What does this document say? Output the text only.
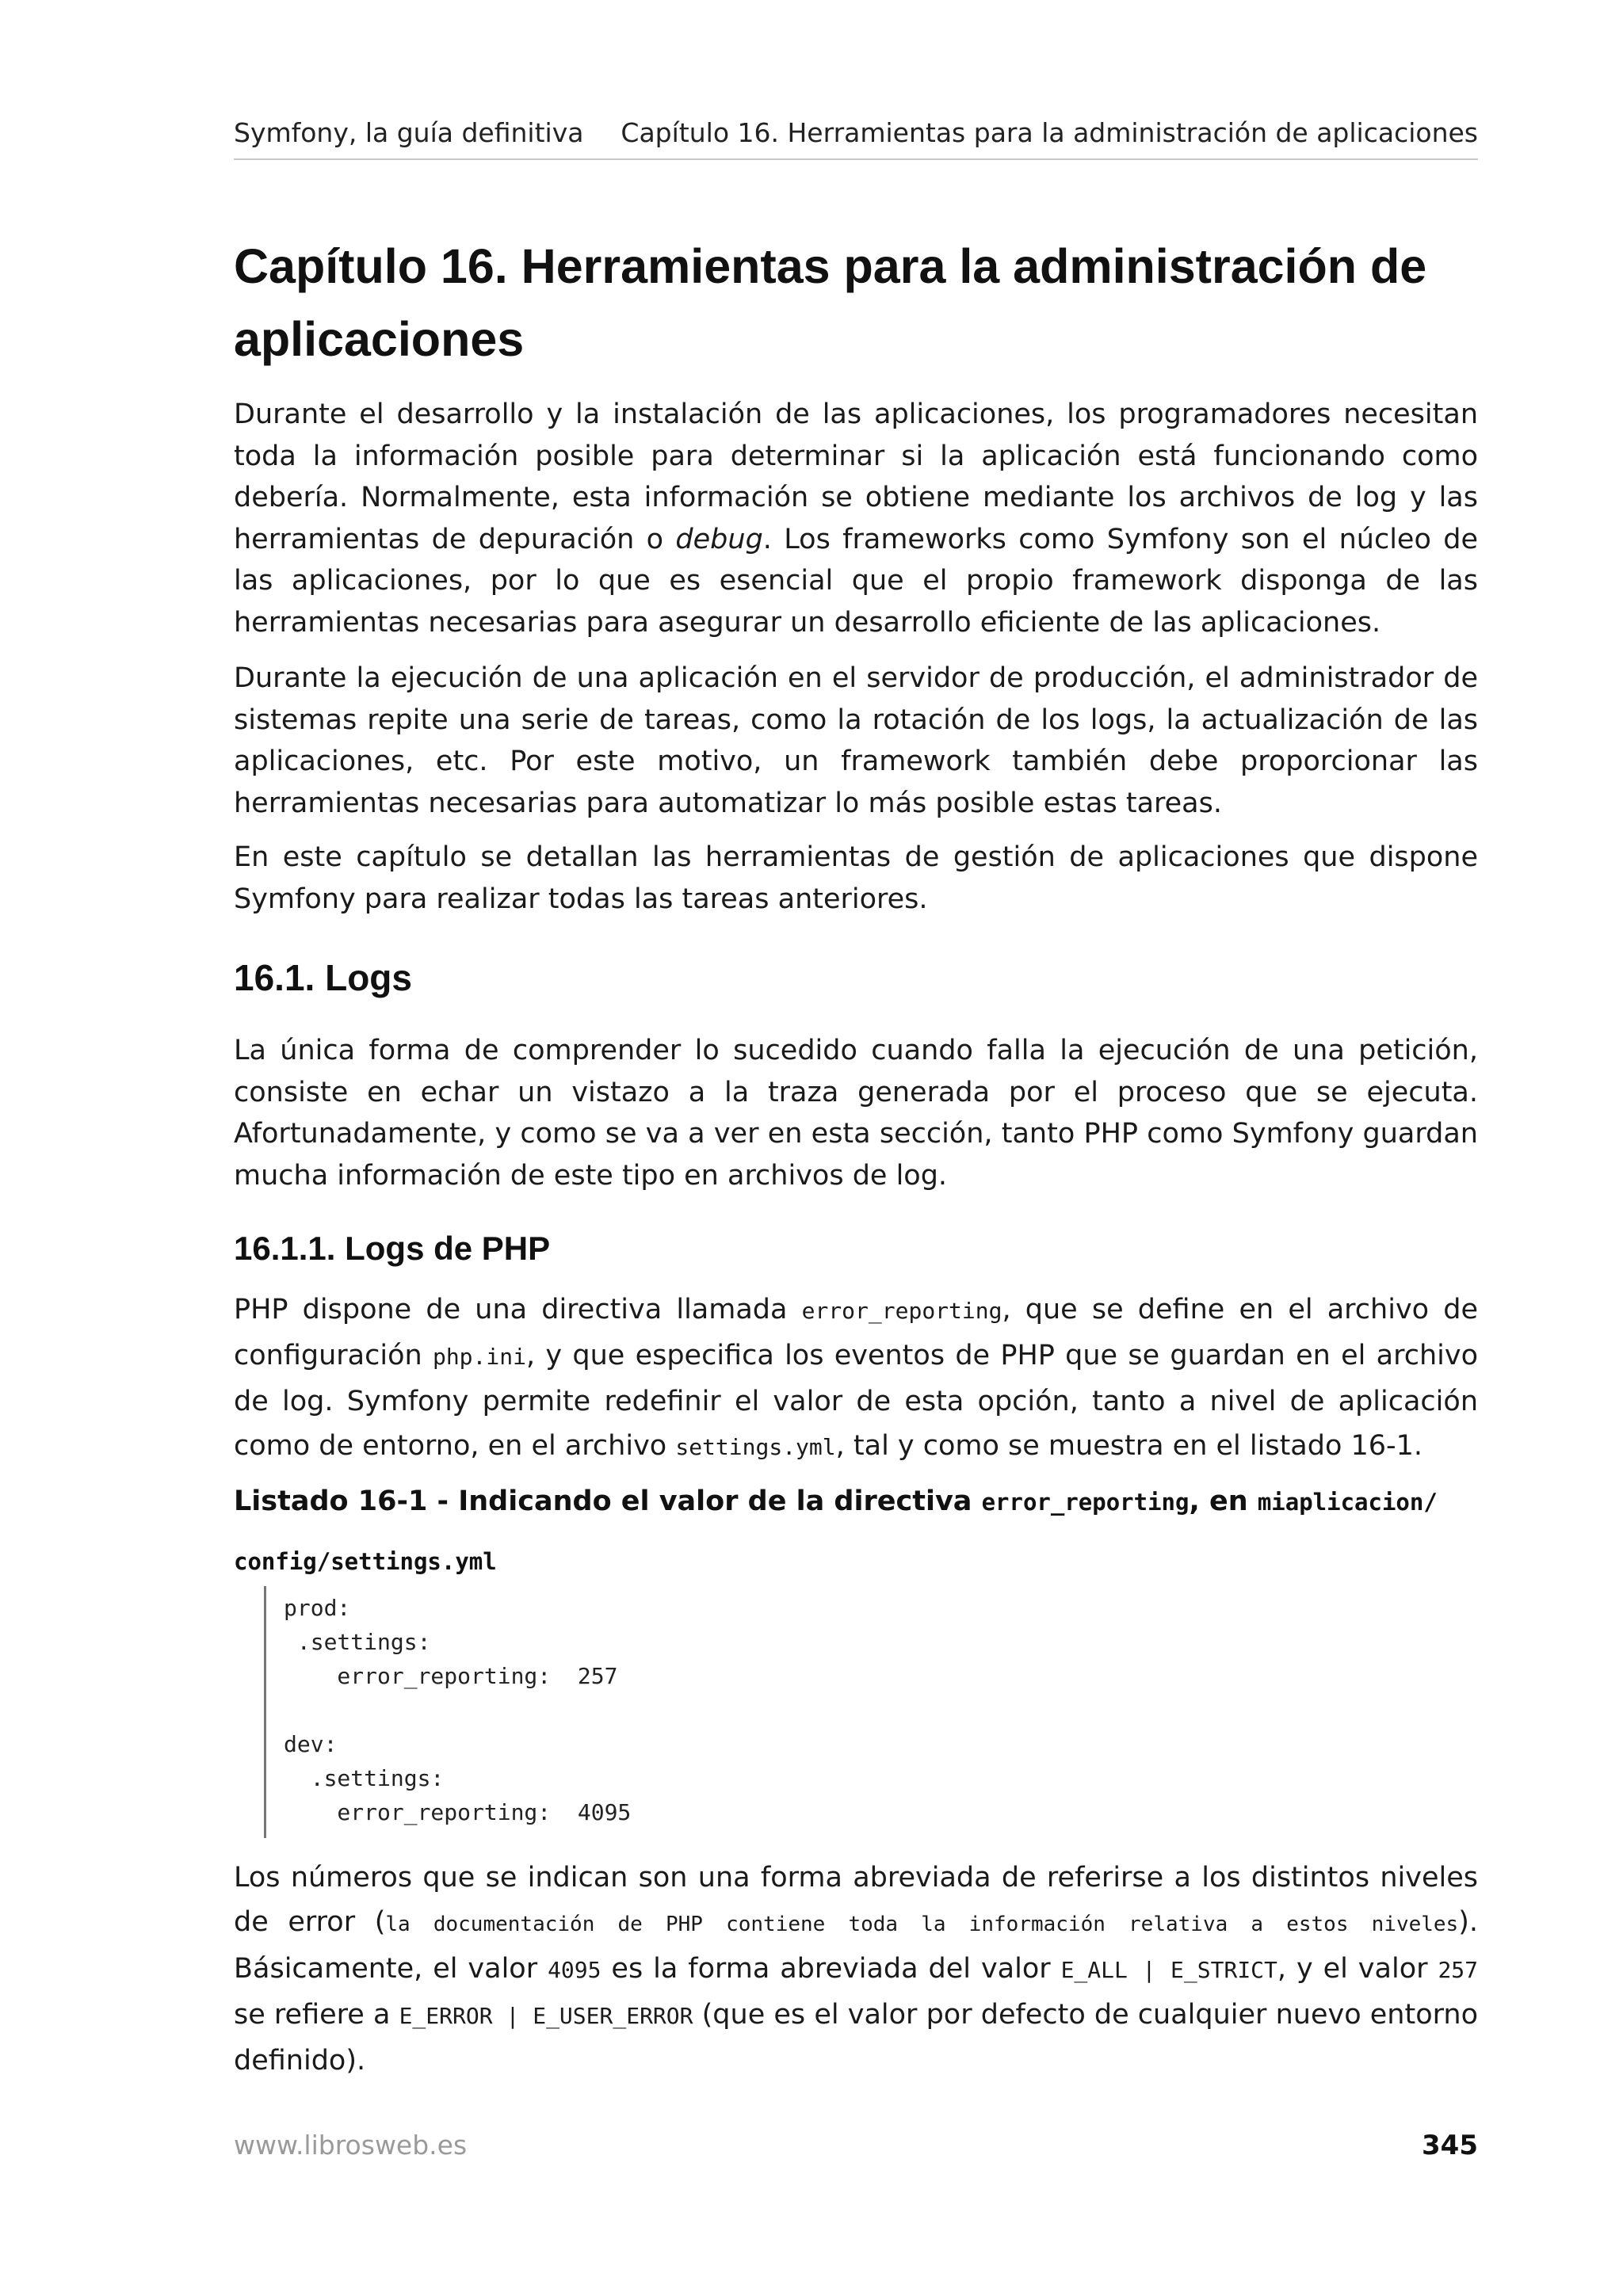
Symfony, la guía definitiva Capítulo 16. Herramientas para la administración de aplicaciones
Capítulo 16. Herramientas para la administración de aplicaciones

Durante el desarrollo y la instalación de las aplicaciones, los programadores necesitan toda la información posible para determinar si la aplicación está funcionando como debería. Normalmente, esta información se obtiene mediante los archivos de log y las herramientas de depuración o debug. Los frameworks como Symfony son el núcleo de las aplicaciones, por lo que es esencial que el propio framework disponga de las herramientas necesarias para asegurar un desarrollo eficiente de las aplicaciones.

Durante la ejecución de una aplicación en el servidor de producción, el administrador de sistemas repite una serie de tareas, como la rotación de los logs, la actualización de las aplicaciones, etc. Por este motivo, un framework también debe proporcionar las herramientas necesarias para automatizar lo más posible estas tareas.

En este capítulo se detallan las herramientas de gestión de aplicaciones que dispone Symfony para realizar todas las tareas anteriores.

16.1. Logs

La única forma de comprender lo sucedido cuando falla la ejecución de una petición, consiste en echar un vistazo a la traza generada por el proceso que se ejecuta. Afortunadamente, y como se va a ver en esta sección, tanto PHP como Symfony guardan mucha información de este tipo en archivos de log.

16.1.1. Logs de PHP

PHP dispone de una directiva llamada error_reporting, que se define en el archivo de configuración php.ini, y que especifica los eventos de PHP que se guardan en el archivo de log. Symfony permite redefinir el valor de esta opción, tanto a nivel de aplicación como de entorno, en el archivo settings.yml, tal y como se muestra en el listado 16-1.

Listado 16-1 - Indicando el valor de la directiva error_reporting, en miaplicacion/
config/settings.yml
prod:
.settings:
error_reporting:  257

dev:
.settings:
error_reporting:  4095

Los números que se indican son una forma abreviada de referirse a los distintos niveles de error (la documentación de PHP contiene toda la información relativa a estos niveles). Básicamente, el valor 4095 es la forma abreviada del valor E_ALL | E_STRICT, y el valor 257 se refiere a E_ERROR | E_USER_ERROR (que es el valor por defecto de cualquier nuevo entorno definido).

www.librosweb.es	345
